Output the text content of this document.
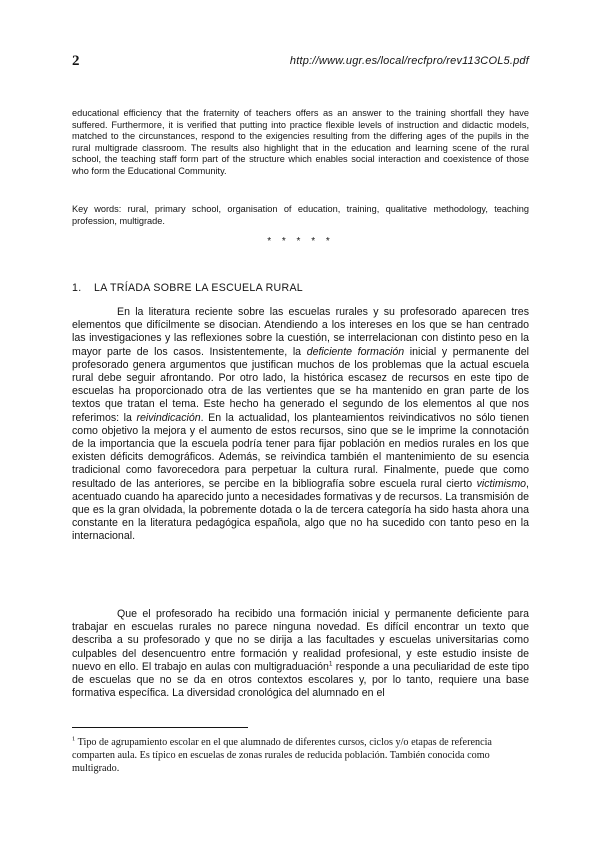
2	http://www.ugr.es/local/recfpro/rev113COL5.pdf

educational efficiency that the fraternity of teachers offers as an answer to the training shortfall they have suffered. Furthermore, it is verified that putting into practice flexible levels of instruction and didactic models, matched to the circunstances, respond to the exigencies resulting from the differing ages of the pupils in the rural multigrade classroom. The results also highlight that in the education and learning scene of the rural school, the teaching staff form part of the structure which enables social interaction and coexistence of those who form the Educational Community.

Key words: rural, primary school, organisation of education, training, qualitative methodology, teaching profession, multigrade.

* * * * *
1. LA TRÍADA SOBRE LA ESCUELA RURAL

En la literatura reciente sobre las escuelas rurales y su profesorado aparecen tres elementos que difícilmente se disocian. Atendiendo a los intereses en los que se han centrado las investigaciones y las reflexiones sobre la cuestión, se interrelacionan con distinto peso en la mayor parte de los casos. Insistentemente, la deficiente formación inicial y permanente del profesorado genera argumentos que justifican muchos de los problemas que la actual escuela rural debe seguir afrontando. Por otro lado, la histórica escasez de recursos en este tipo de escuelas ha proporcionado otra de las vertientes que se ha mantenido en gran parte de los textos que tratan el tema. Este hecho ha generado el segundo de los elementos al que nos referimos: la reivindicación. En la actualidad, los planteamientos reivindicativos no sólo tienen como objetivo la mejora y el aumento de estos recursos, sino que se le imprime la connotación de la importancia que la escuela podría tener para fijar población en medios rurales en los que existen déficits demográficos. Además, se reivindica también el mantenimiento de su esencia tradicional como favorecedora para perpetuar la cultura rural. Finalmente, puede que como resultado de las anteriores, se percibe en la bibliografía sobre escuela rural cierto victimismo, acentuado cuando ha aparecido junto a necesidades formativas y de recursos. La transmisión de que es la gran olvidada, la pobremente dotada o la de tercera categoría ha sido hasta ahora una constante en la literatura pedagógica española, algo que no ha sucedido con tanto peso en la internacional.

Que el profesorado ha recibido una formación inicial y permanente deficiente para trabajar en escuelas rurales no parece ninguna novedad. Es difícil encontrar un texto que describa a su profesorado y que no se dirija a las facultades y escuelas universitarias como culpables del desencuentro entre formación y realidad profesional, y este estudio insiste de nuevo en ello. El trabajo en aulas con multigraduación$^1$ responde a una peculiaridad de este tipo de escuelas que no se da en otros contextos escolares y, por lo tanto, requiere una base formativa específica. La diversidad cronológica del alumnado en el

$^1$ Tipo de agrupamiento escolar en el que alumnado de diferentes cursos, ciclos y/o etapas de referencia comparten aula. Es típico en escuelas de zonas rurales de reducida población. También conocida como multigrado.
